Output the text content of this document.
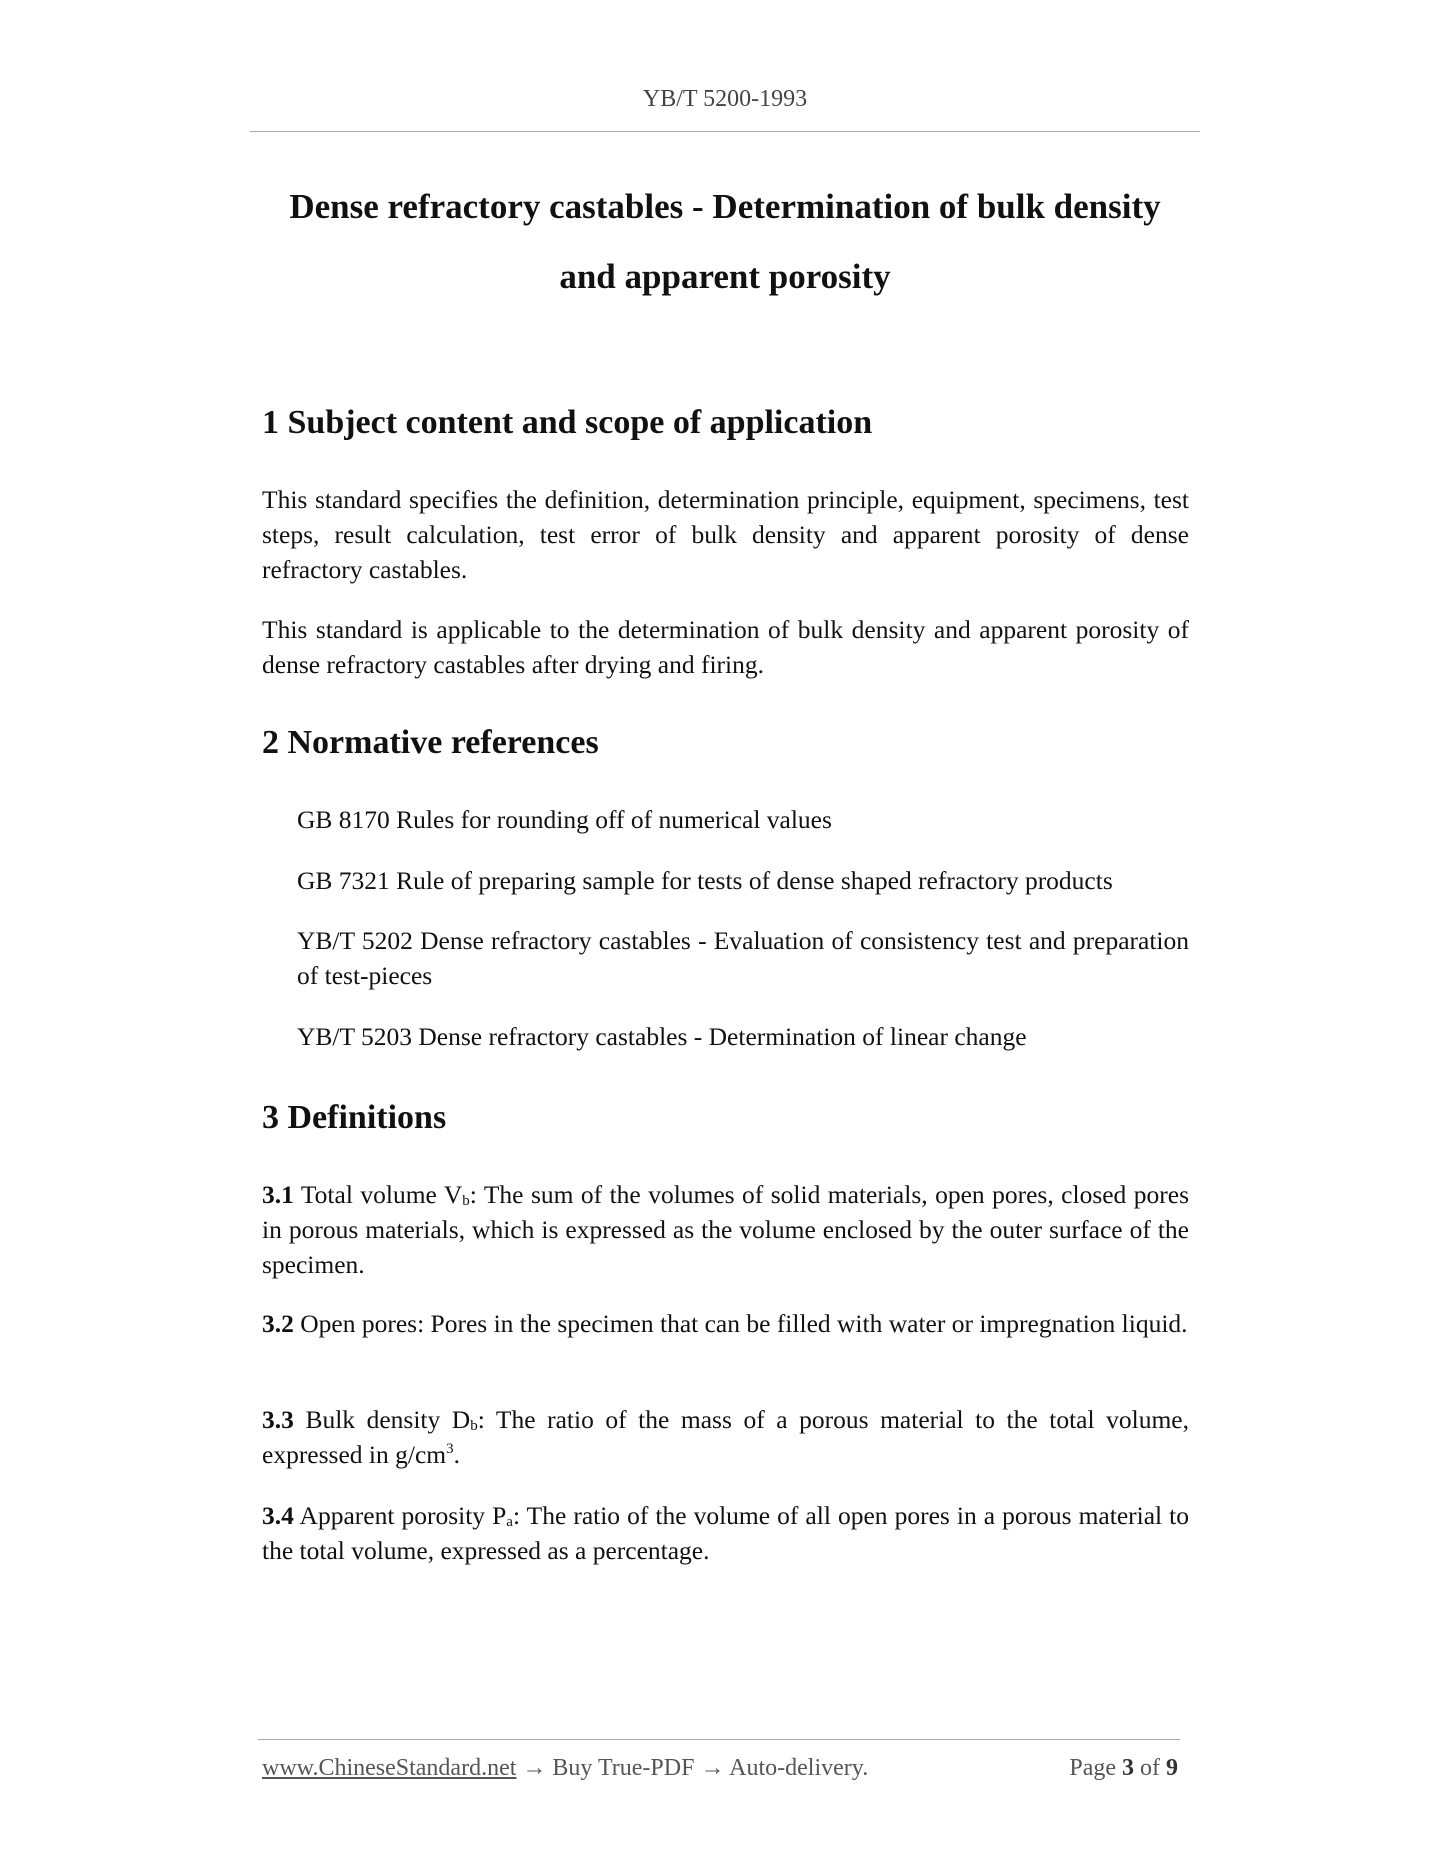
YB/T 5200-1993
Dense refractory castables - Determination of bulk density
and apparent porosity
1 Subject content and scope of application

This standard specifies the definition, determination principle, equipment, specimens, test steps, result calculation, test error of bulk density and apparent porosity of dense refractory castables.

This standard is applicable to the determination of bulk density and apparent porosity of dense refractory castables after drying and firing.

2 Normative references

GB 8170 Rules for rounding off of numerical values

GB 7321 Rule of preparing sample for tests of dense shaped refractory products

YB/T 5202 Dense refractory castables - Evaluation of consistency test and preparation of test-pieces

YB/T 5203 Dense refractory castables - Determination of linear change

3 Definitions

3.1 Total volume $V_b$: The sum of the volumes of solid materials, open pores, closed pores in porous materials, which is expressed as the volume enclosed by the outer surface of the specimen.

3.2 Open pores: Pores in the specimen that can be filled with water or impregnation liquid.

3.3 Bulk density $D_b$: The ratio of the mass of a porous material to the total volume, expressed in $g/cm^3$.

3.4 Apparent porosity $P_a$: The ratio of the volume of all open pores in a porous material to the total volume, expressed as a percentage.

www.ChineseStandard.net → Buy True-PDF → Auto-delivery.	Page 3 of 9
